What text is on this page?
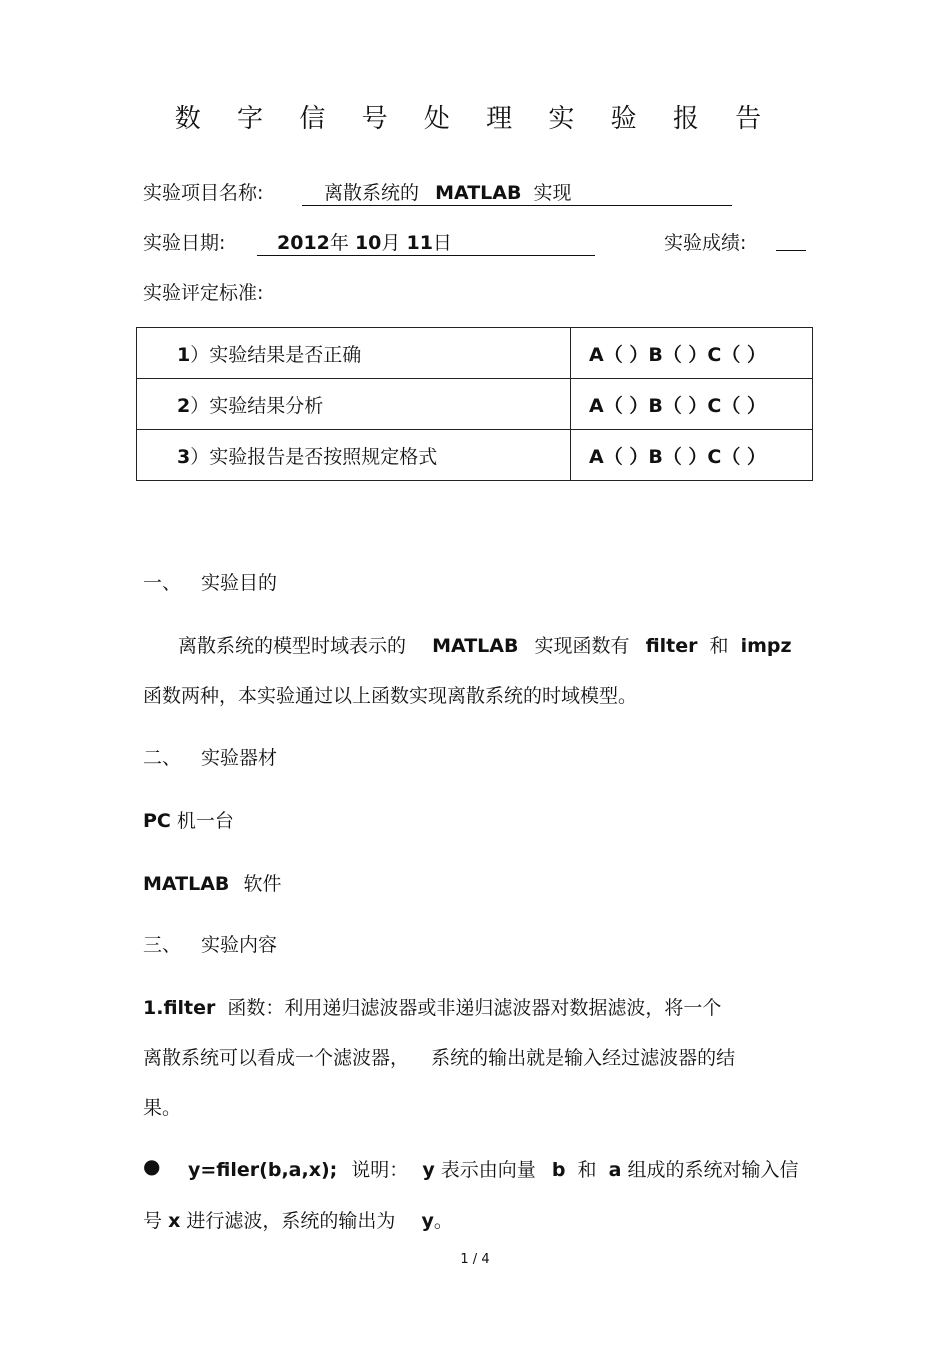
数 字 信 号 处 理 实 验 报 告
实验项目名称:	离散系统的 MATLAB 实现
实验日期:	2012年 10月 11日	实验成绩:
实验评定标准:
1）实验结果是否正确	A（ ）B（ ）C（ ）
2）实验结果分析	A（ ）B（ ）C（ ）
3）实验报告是否按照规定格式	A（ ）B（ ）C（ ）
一、 实验目的
离散系统的模型时域表示的 MATLAB 实现函数有 filter 和 impz
函数两种，本实验通过以上函数实现离散系统的时域模型。
二、 实验器材
PC 机一台
MATLAB 软件
三、 实验内容
1.filter 函数：利用递归滤波器或非递归滤波器对数据滤波，将一个
离散系统可以看成一个滤波器， 系统的输出就是输入经过滤波器的结
果。
● y=filer(b,a,x); 说明： y 表示由向量 b 和 a 组成的系统对输入信
号 x 进行滤波，系统的输出为 y。
1 / 4
